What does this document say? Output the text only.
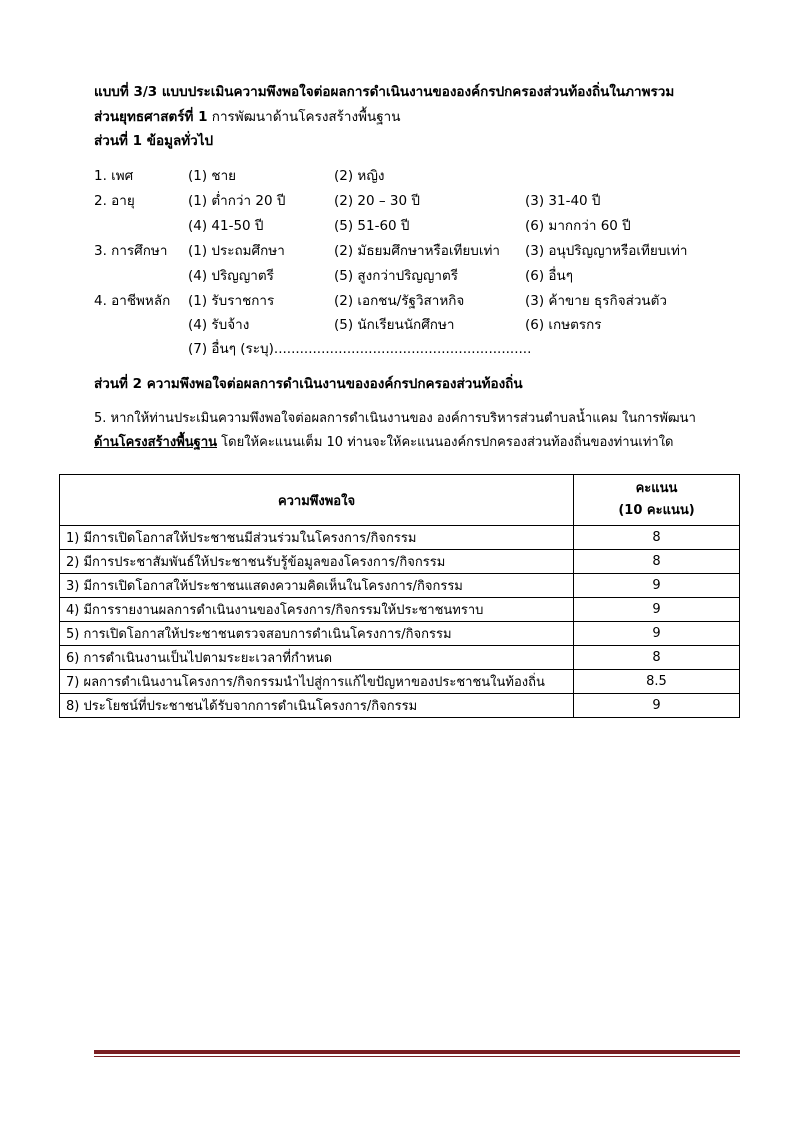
แบบที่ 3/3 แบบประเมินความพึงพอใจต่อผลการดำเนินงานขององค์กรปกครองส่วนท้องถิ่นในภาพรวม
ส่วนยุทธศาสตร์ที่ 1 การพัฒนาด้านโครงสร้างพื้นฐาน
ส่วนที่ 1 ข้อมูลทั่วไป
1. เพศ	(1) ชาย	(2) หญิง
2. อายุ	(1) ต่ำกว่า 20 ปี	(2) 20 – 30 ปี	(3) 31-40 ปี
(4) 41-50 ปี	(5) 51-60 ปี	(6) มากกว่า 60 ปี
3. การศึกษา (1) ประถมศึกษา	(2) มัธยมศึกษาหรือเทียบเท่า (3) อนุปริญญาหรือเทียบเท่า
(4) ปริญญาตรี	(5) สูงกว่าปริญญาตรี	(6) อื่นๆ
4. อาชีพหลัก (1) รับราชการ	(2) เอกชน/รัฐวิสาหกิจ	(3) ค้าขาย ธุรกิจส่วนตัว
(4) รับจ้าง	(5) นักเรียนนักศึกษา	(6) เกษตรกร
(7) อื่นๆ (ระบุ)............................................................
ส่วนที่ 2 ความพึงพอใจต่อผลการดำเนินงานขององค์กรปกครองส่วนท้องถิ่น
5. หากให้ท่านประเมินความพึงพอใจต่อผลการดำเนินงานของ องค์การบริหารส่วนตำบลน้ำแคม ในการพัฒนา
ด้านโครงสร้างพื้นฐาน โดยให้คะแนนเต็ม 10 ท่านจะให้คะแนนองค์กรปกครองส่วนท้องถิ่นของท่านเท่าใด
ความพึงพอใจ	คะแนน
(10 คะแนน)

1) มีการเปิดโอกาสให้ประชาชนมีส่วนร่วมในโครงการ/กิจกรรม	8
2) มีการประชาสัมพันธ์ให้ประชาชนรับรู้ข้อมูลของโครงการ/กิจกรรม	8
3) มีการเปิดโอกาสให้ประชาชนแสดงความคิดเห็นในโครงการ/กิจกรรม	9
4) มีการรายงานผลการดำเนินงานของโครงการ/กิจกรรมให้ประชาชนทราบ	9
5) การเปิดโอกาสให้ประชาชนตรวจสอบการดำเนินโครงการ/กิจกรรม	9
6) การดำเนินงานเป็นไปตามระยะเวลาที่กำหนด	8
7) ผลการดำเนินงานโครงการ/กิจกรรมนำไปสู่การแก้ไขปัญหาของประชาชนในท้องถิ่น	8.5
8) ประโยชน์ที่ประชาชนได้รับจากการดำเนินโครงการ/กิจกรรม	9
